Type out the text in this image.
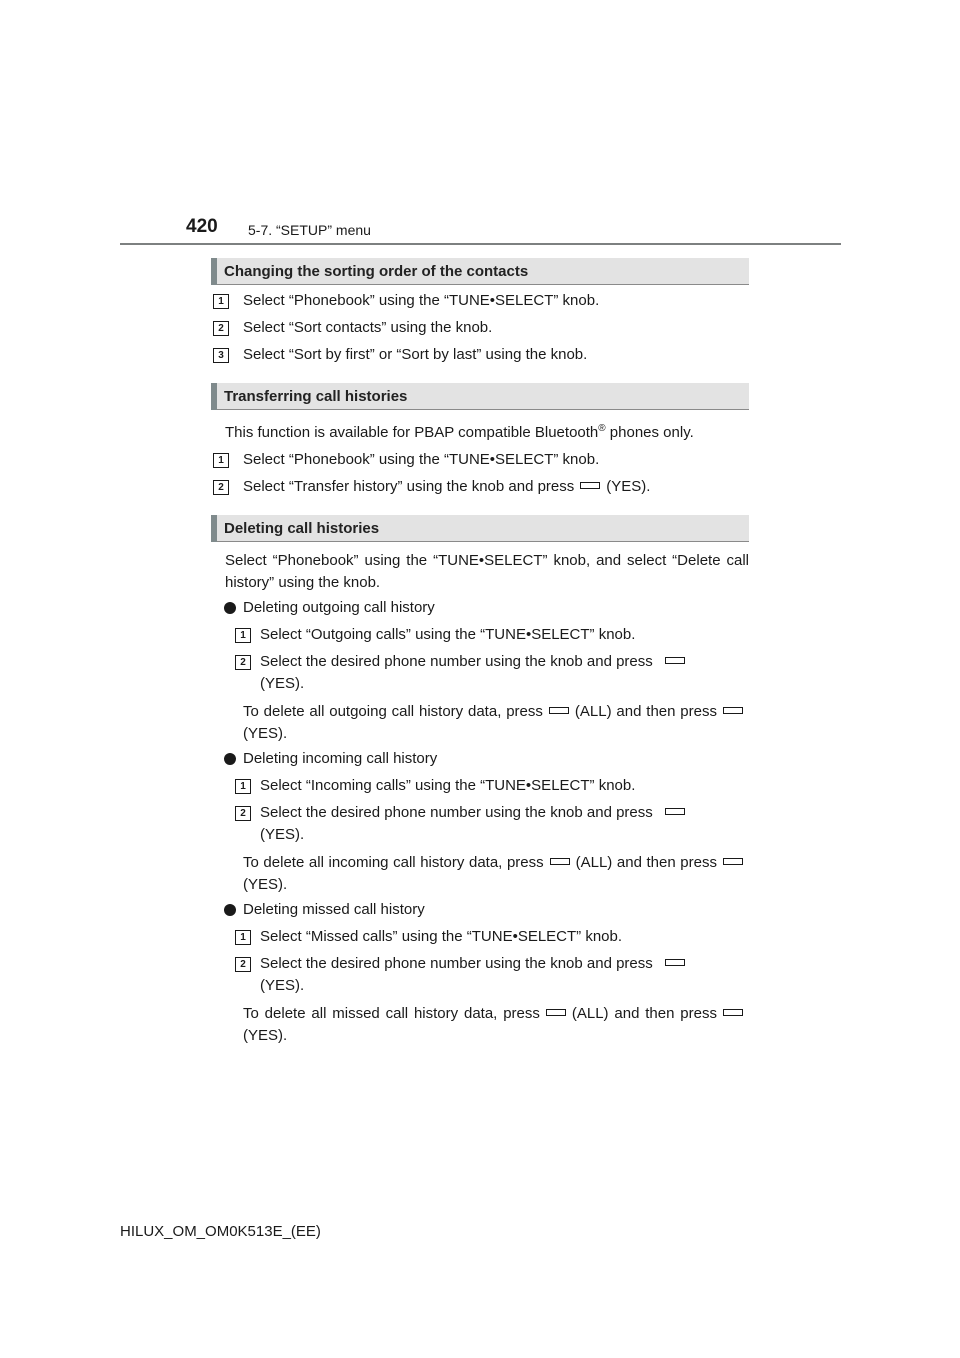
420 5-7. “SETUP” menu
Changing the sorting order of the contacts
1	Select “Phonebook” using the “TUNE•SELECT” knob.
2	Select “Sort contacts” using the knob.
3	Select “Sort by first” or “Sort by last” using the knob.
Transferring call histories
This function is available for PBAP compatible Bluetooth® phones only.
1	Select “Phonebook” using the “TUNE•SELECT” knob.
2	Select “Transfer history” using the knob and press (YES).
Deleting call histories
Select “Phonebook” using the “TUNE•SELECT” knob, and select “Delete call history” using the knob.
Deleting outgoing call history
1 Select “Outgoing calls” using the “TUNE•SELECT” knob.
2 Select the desired phone number using the knob and press
(YES).
To delete all outgoing call history data, press (ALL) and then press(YES).
Deleting incoming call history
1 Select “Incoming calls” using the “TUNE•SELECT” knob.
2 Select the desired phone number using the knob and press
(YES).
To delete all incoming call history data, press (ALL) and then press(YES).
Deleting missed call history
1 Select “Missed calls” using the “TUNE•SELECT” knob.
2 Select the desired phone number using the knob and press
(YES).
To delete all missed call history data, press (ALL) and then press(YES).
HILUX_OM_OM0K513E_(EE)
